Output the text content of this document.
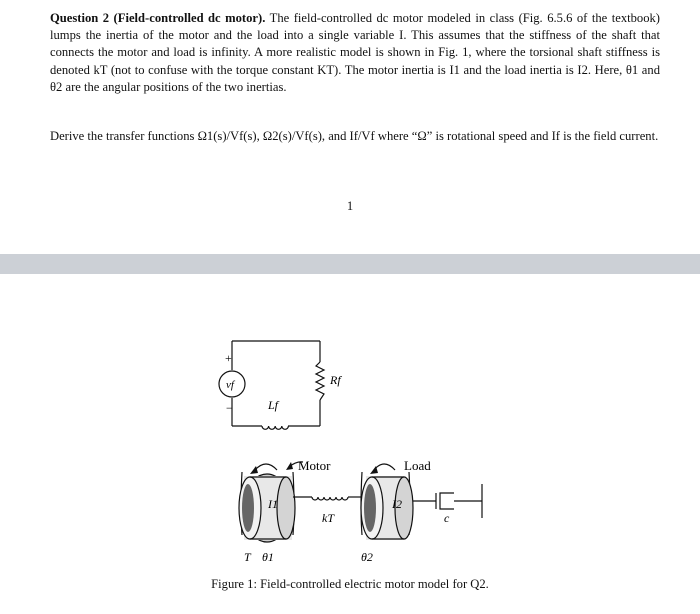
Question 2 (Field-controlled dc motor). The field-controlled dc motor modeled in class (Fig. 6.5.6 of the textbook) lumps the inertia of the motor and the load into a single variable I. This assumes that the stiffness of the shaft that connects the motor and load is infinity. A more realistic model is shown in Fig. 1, where the torsional shaft stiffness is denoted kT (not to confuse with the torque constant KT). The motor inertia is I1 and the load inertia is I2. Here, θ1 and θ2 are the angular positions of the two inertias.
Derive the transfer functions Ω1(s)/Vf(s), Ω2(s)/Vf(s), and If/Vf where “Ω” is rotational speed and If is the field current.
1
+
−
vf
Lf
Rf
Motor
I1
kT
Load
I2
c
T θ1	θ2
Figure 1: Field-controlled electric motor model for Q2.
